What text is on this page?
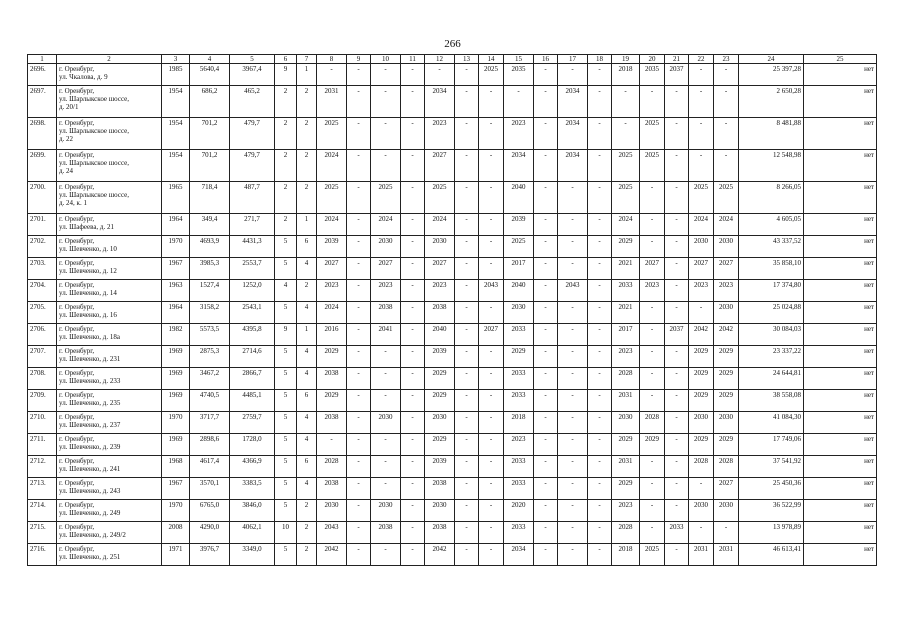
266
1	2	3	4	5	6	7	8	9	10	11	12	13	14	15	16	17	18	19	20	21	22	23	24	25
2696.	г. Оренбург,
ул. Чкалова, д. 9	1985	5640,4	3967,4	9	1	-	-	-	-	-	-	2025	2035	-	-	-	2018	2035	2037	-	-	25 397,28	нет
2697.	г. Оренбург,
ул. Шарлыкское шоссе,
д. 20/1	1954	686,2	465,2	2	2	2031	-	-	-	2034	-	-	-	-	2034	-	-	-	-	-	-	2 650,28	нет
2698.	г. Оренбург,
ул. Шарлыкское шоссе,
д. 22	1954	701,2	479,7	2	2	2025	-	-	-	2023	-	-	2023	-	2034	-	-	2025	-	-	-	8 481,88	нет
2699.	г. Оренбург,
ул. Шарлыкское шоссе,
д. 24	1954	701,2	479,7	2	2	2024	-	-	-	2027	-	-	2034	-	2034	-	2025	2025	-	-	-	12 548,98	нет
2700.	г. Оренбург,
ул. Шарлыкское шоссе,
д. 24, к. 1	1965	718,4	487,7	2	2	2025	-	2025	-	2025	-	-	2040	-	-	-	2025	-	-	2025	2025	8 266,05	нет
2701.	г. Оренбург,
ул. Шафеева, д. 21	1964	349,4	271,7	2	1	2024	-	2024	-	2024	-	-	2039	-	-	-	2024	-	-	2024	2024	4 605,05	нет
2702.	г. Оренбург,
ул. Шевченко, д. 10	1970	4693,9	4431,3	5	6	2039	-	2030	-	2030	-	-	2025	-	-	-	2029	-	-	2030	2030	43 337,52	нет
2703.	г. Оренбург,
ул. Шевченко, д. 12	1967	3985,3	2553,7	5	4	2027	-	2027	-	2027	-	-	2017	-	-	-	2021	2027	-	2027	2027	35 858,10	нет
2704.	г. Оренбург,
ул. Шевченко, д. 14	1963	1527,4	1252,0	4	2	2023	-	2023	-	2023	-	2043	2040	-	2043	-	2033	2023	-	2023	2023	17 374,80	нет
2705.	г. Оренбург,
ул. Шевченко, д. 16	1964	3158,2	2543,1	5	4	2024	-	2038	-	2038	-	-	2030	-	-	-	2021	-	-	-	2030	25 024,88	нет
2706.	г. Оренбург,
ул. Шевченко, д. 18а	1982	5573,5	4395,8	9	1	2016	-	2041	-	2040	-	2027	2033	-	-	-	2017	-	2037	2042	2042	30 084,03	нет
2707.	г. Оренбург,
ул. Шевченко, д. 231	1969	2875,3	2714,6	5	4	2029	-	-	-	2039	-	-	2029	-	-	-	2023	-	-	2029	2029	23 337,22	нет
2708.	г. Оренбург,
ул. Шевченко, д. 233	1969	3467,2	2866,7	5	4	2038	-	-	-	2029	-	-	2033	-	-	-	2028	-	-	2029	2029	24 644,81	нет
2709.	г. Оренбург,
ул. Шевченко, д. 235	1969	4740,5	4485,1	5	6	2029	-	-	-	2029	-	-	2033	-	-	-	2031	-	-	2029	2029	38 558,08	нет
2710.	г. Оренбург,
ул. Шевченко, д. 237	1970	3717,7	2759,7	5	4	2038	-	2030	-	2030	-	-	2018	-	-	-	2030	2028	-	2030	2030	41 084,30	нет
2711.	г. Оренбург,
ул. Шевченко, д. 239	1969	2898,6	1728,0	5	4	-	-	-	-	2029	-	-	2023	-	-	-	2029	2029	-	2029	2029	17 749,06	нет
2712.	г. Оренбург,
ул. Шевченко, д. 241	1968	4617,4	4366,9	5	6	2028	-	-	-	2039	-	-	2033	-	-	-	2031	-	-	2028	2028	37 541,92	нет
2713.	г. Оренбург,
ул. Шевченко, д. 243	1967	3570,1	3383,5	5	4	2038	-	-	-	2038	-	-	2033	-	-	-	2029	-	-	-	2027	25 450,36	нет
2714.	г. Оренбург,
ул. Шевченко, д. 249	1970	6765,0	3846,0	5	2	2030	-	2030	-	2030	-	-	2020	-	-	-	2023	-	-	2030	2030	36 522,99	нет
2715.	г. Оренбург,
ул. Шевченко, д. 249/2	2008	4290,0	4062,1	10	2	2043	-	2038	-	2038	-	-	2033	-	-	-	2028	-	2033	-	-	13 978,89	нет
2716.	г. Оренбург,
ул. Шевченко, д. 251	1971	3976,7	3349,0	5	2	2042	-	-	-	2042	-	-	2034	-	-	-	2018	2025	-	2031	2031	46 613,41	нет
